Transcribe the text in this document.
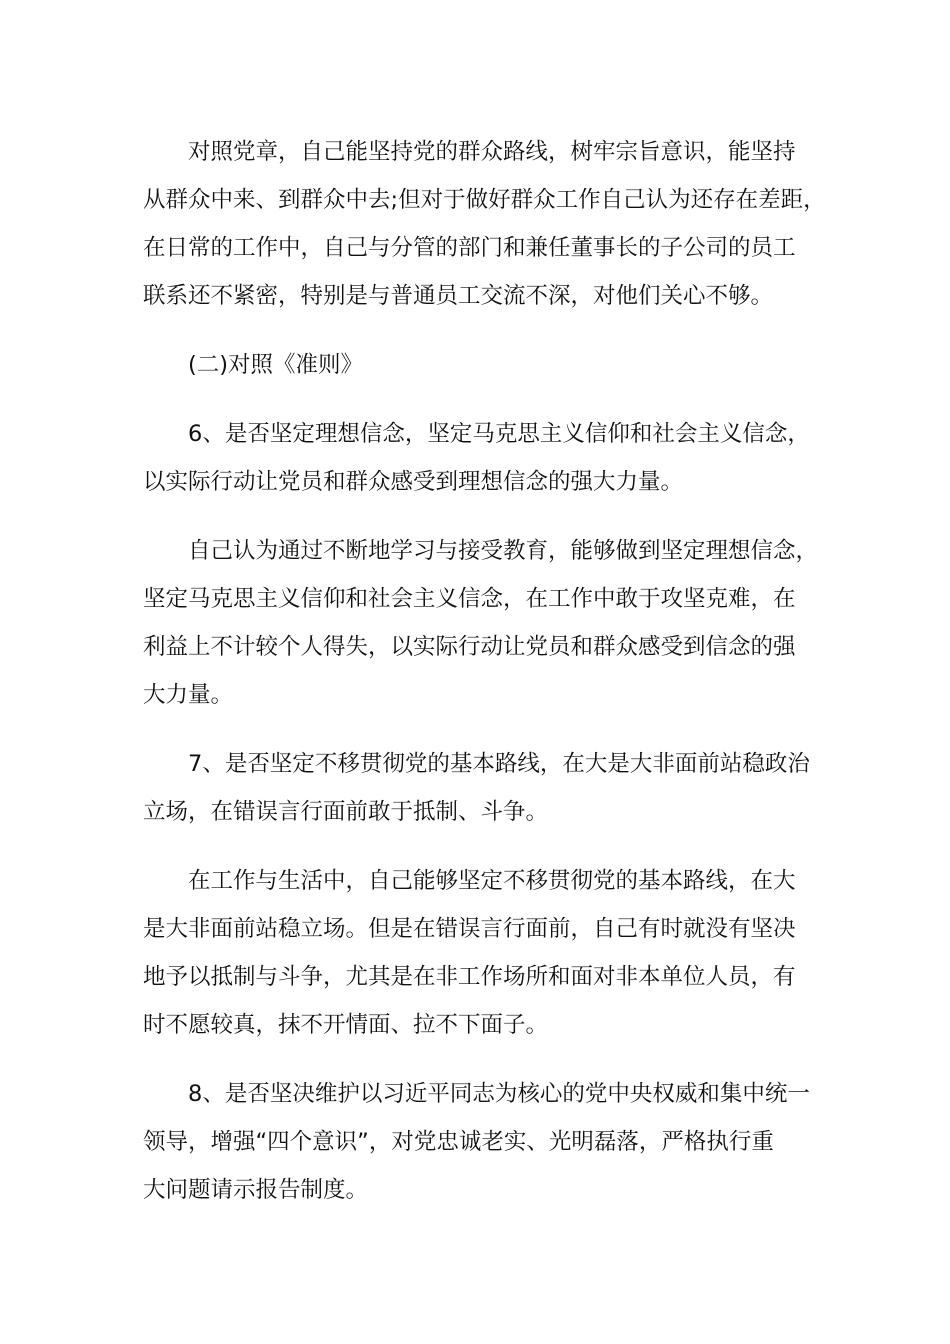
对照党章，自己能坚持党的群众路线，树牢宗旨意识，能坚持
从群众中来、到群众中去;但对于做好群众工作自己认为还存在差距，
在日常的工作中，自己与分管的部门和兼任董事长的子公司的员工
联系还不紧密，特别是与普通员工交流不深，对他们关心不够。

(二)对照《准则》

6、是否坚定理想信念，坚定马克思主义信仰和社会主义信念，
以实际行动让党员和群众感受到理想信念的强大力量。

自己认为通过不断地学习与接受教育，能够做到坚定理想信念，
坚定马克思主义信仰和社会主义信念，在工作中敢于攻坚克难，在
利益上不计较个人得失，以实际行动让党员和群众感受到信念的强
大力量。

7、是否坚定不移贯彻党的基本路线，在大是大非面前站稳政治
立场，在错误言行面前敢于抵制、斗争。

在工作与生活中，自己能够坚定不移贯彻党的基本路线，在大
是大非面前站稳立场。但是在错误言行面前，自己有时就没有坚决
地予以抵制与斗争，尤其是在非工作场所和面对非本单位人员，有
时不愿较真，抹不开情面、拉不下面子。

8、是否坚决维护以习近平同志为核心的党中央权威和集中统一
领导，增强“四个意识”，对党忠诚老实、光明磊落，严格执行重
大问题请示报告制度。
